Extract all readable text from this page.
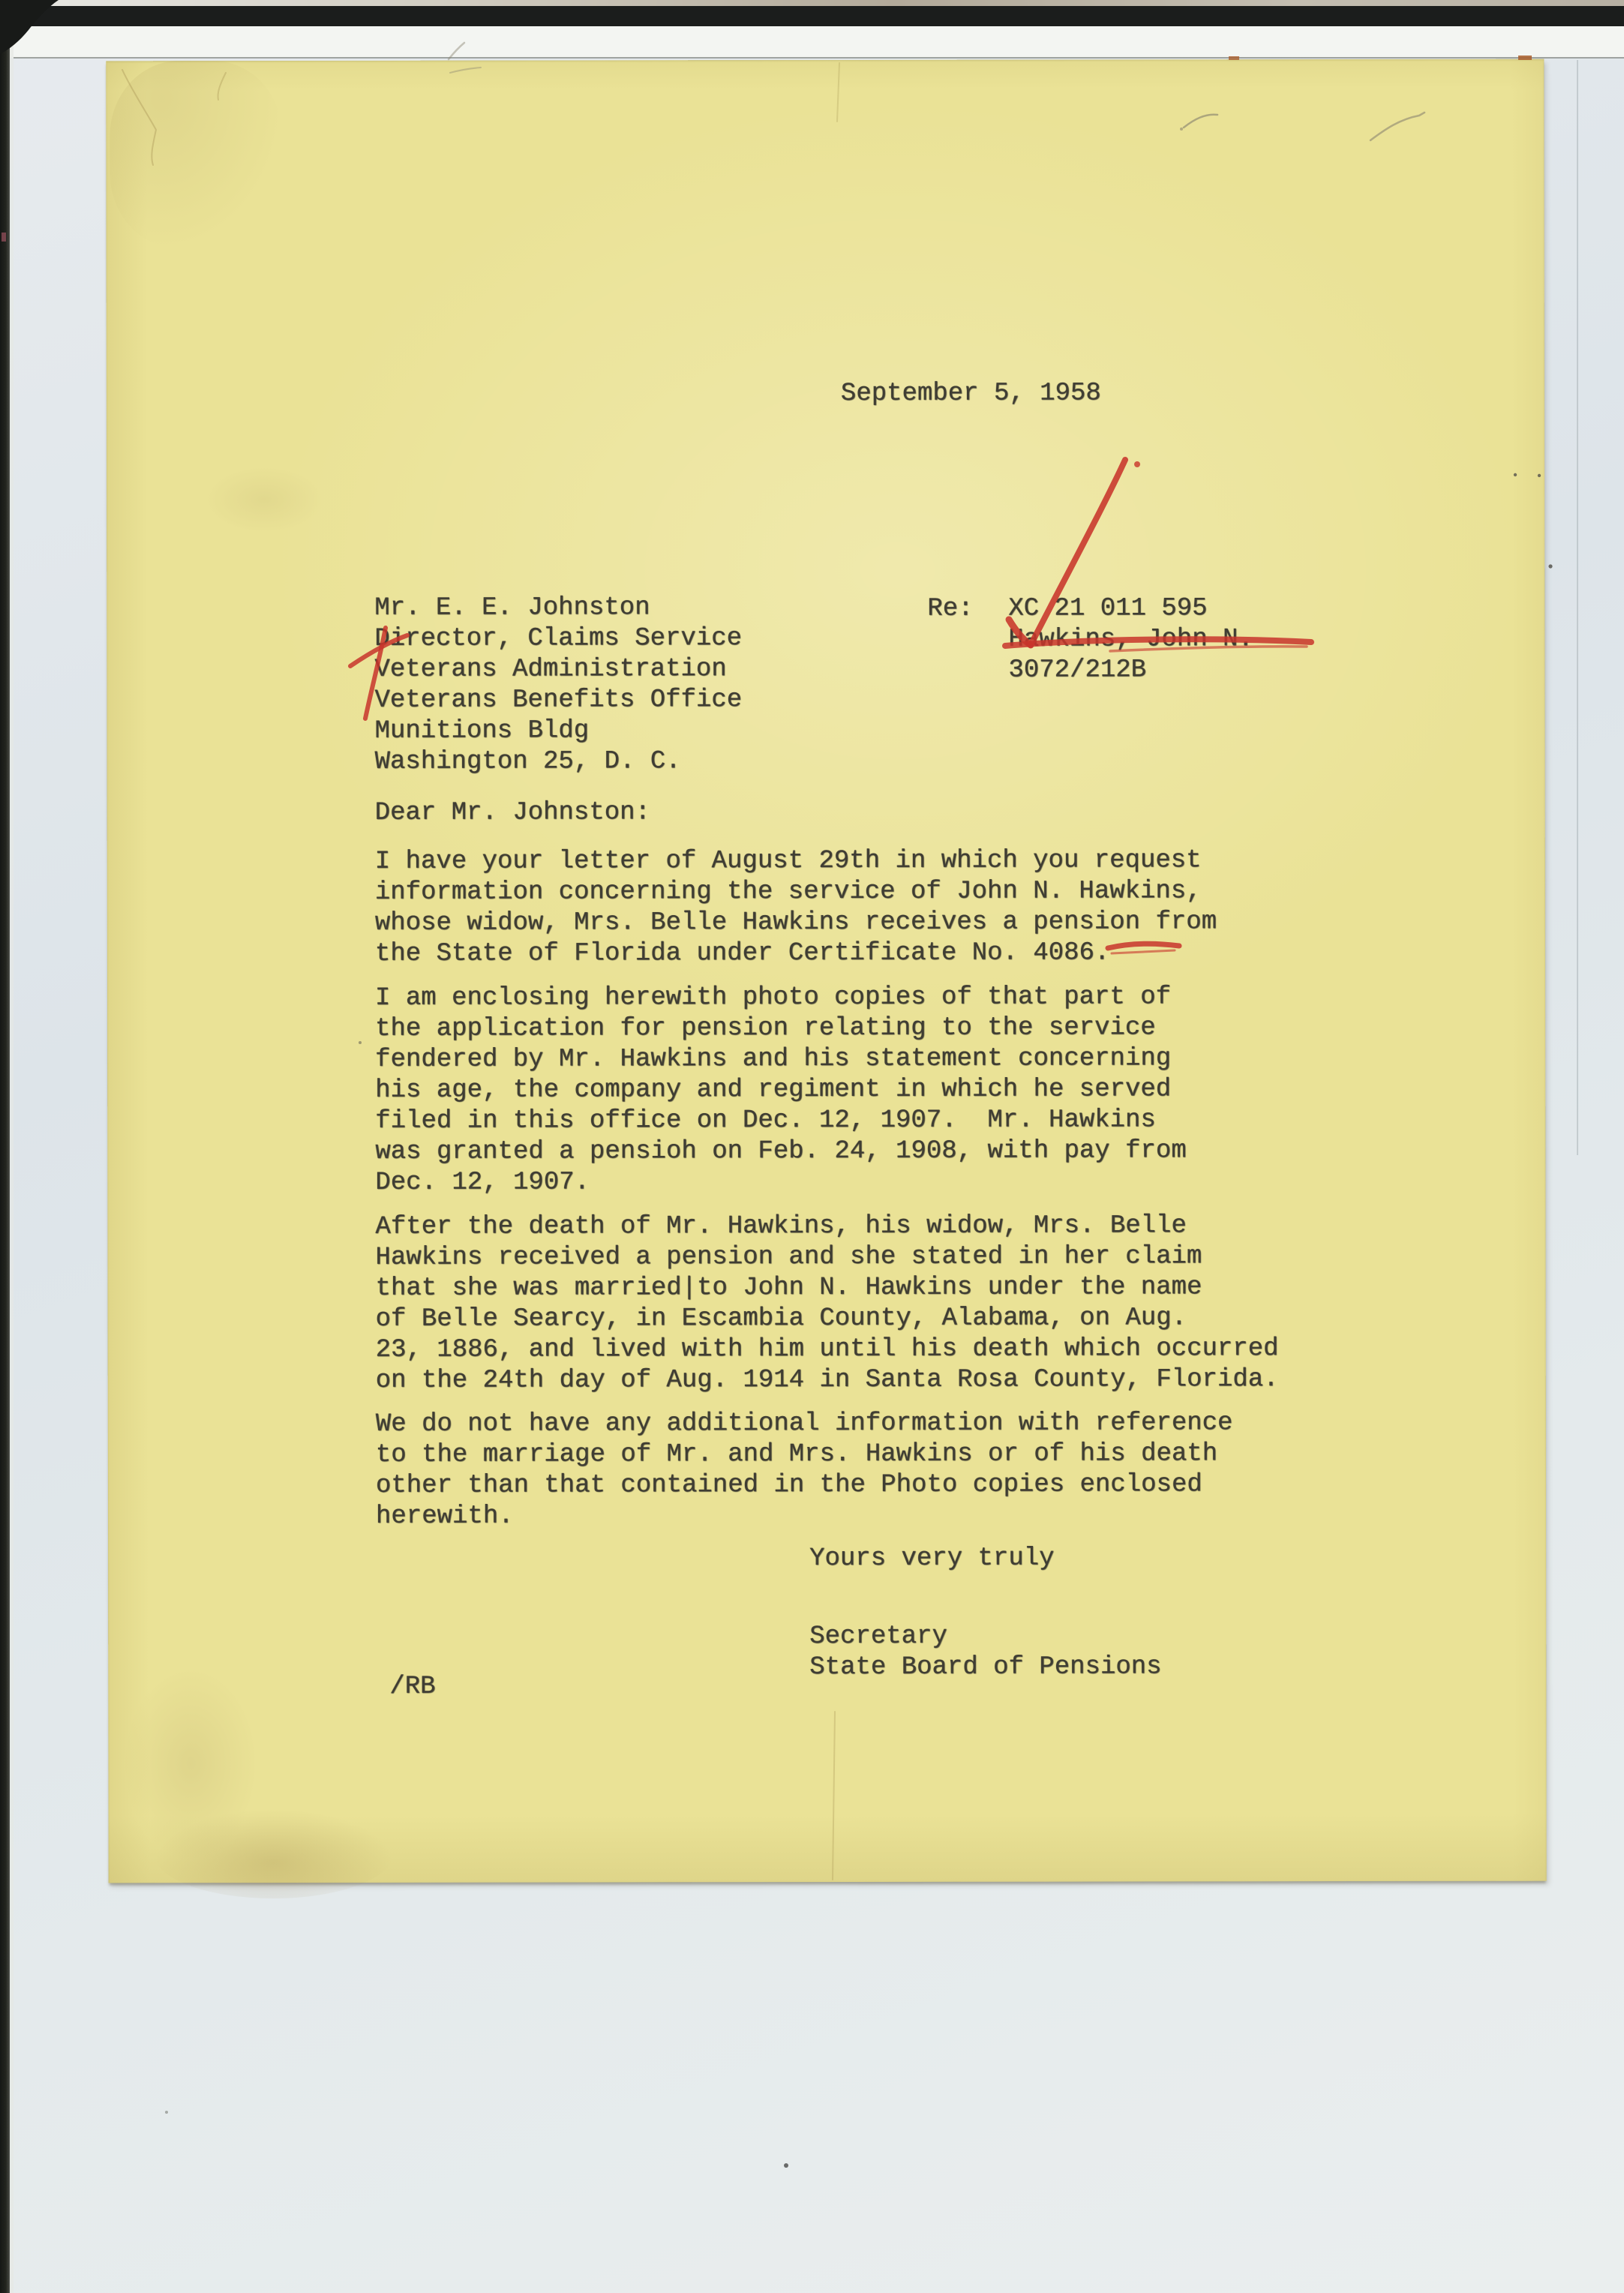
September 5, 1958
Mr. E. E. Johnston
Director, Claims Service
Veterans Administration
Veterans Benefits Office
Munitions Bldg
Washington 25, D. C.
Re: XC 21 011 595
Hawkins, John N.
3072/212B
Dear Mr. Johnston:
I have your letter of August 29th in which you request
information concerning the service of John N. Hawkins,
whose widow, Mrs. Belle Hawkins receives a pension from
the State of Florida under Certificate No. 4086.
I am enclosing herewith photo copies of that part of
the application for pension relating to the service
fendered by Mr. Hawkins and his statement concerning
his age, the company and regiment in which he served
filed in this office on Dec. 12, 1907.  Mr. Hawkins
was granted a pensioh on Feb. 24, 1908, with pay from
Dec. 12, 1907.
After the death of Mr. Hawkins, his widow, Mrs. Belle
Hawkins received a pension and she stated in her claim
that she was married|to John N. Hawkins under the name
of Belle Searcy, in Escambia County, Alabama, on Aug.
23, 1886, and lived with him until his death which occurred
on the 24th day of Aug. 1914 in Santa Rosa County, Florida.
We do not have any additional information with reference
to the marriage of Mr. and Mrs. Hawkins or of his death
other than that contained in the Photo copies enclosed
herewith.
Yours very truly
Secretary
State Board of Pensions
/RB
